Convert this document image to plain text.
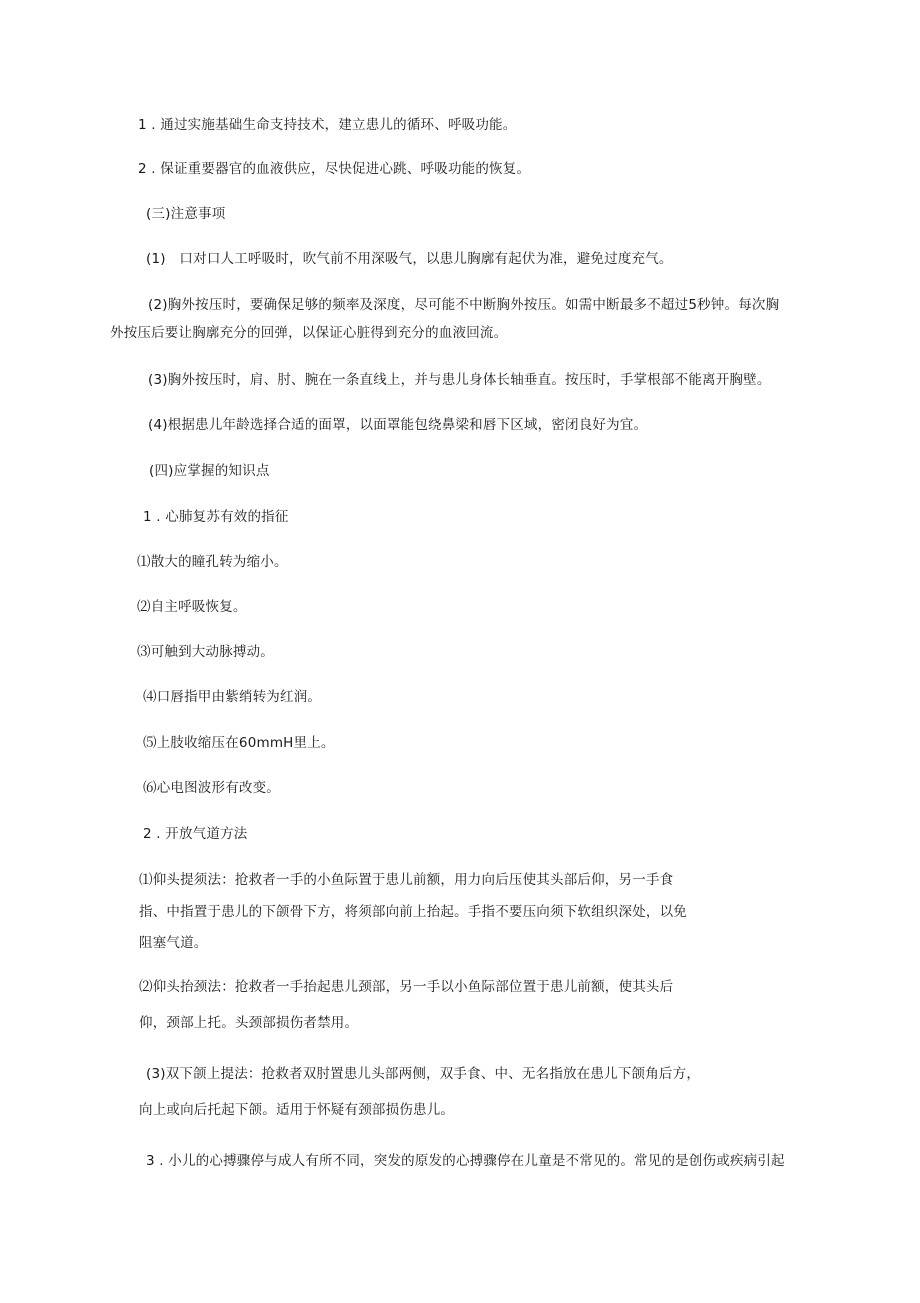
1 . 通过实施基础生命支持技术，建立患儿的循环、呼吸功能。
2 . 保证重要器官的血液供应，尽快促进心跳、呼吸功能的恢复。
(三)注意事项
(1)　口对口人工呼吸时，吹气前不用深吸气，以患儿胸廓有起伏为准，避免过度充气。
(2)胸外按压时，要确保足够的频率及深度，尽可能不中断胸外按压。如需中断最多不超过5秒钟。每次胸
外按压后要让胸廓充分的回弹，以保证心脏得到充分的血液回流。
(3)胸外按压时，肩、肘、腕在一条直线上，并与患儿身体长轴垂直。按压时，手掌根部不能离开胸壁。
(4)根据患儿年龄选择合适的面罩，以面罩能包绕鼻梁和唇下区域，密闭良好为宜。
(四)应掌握的知识点
1 . 心肺复苏有效的指征
⑴散大的瞳孔转为缩小。
⑵自主呼吸恢复。
⑶可触到大动脉搏动。
⑷口唇指甲由紫绡转为红润。
⑸上肢收缩压在60mmH里上。
⑹心电图波形有改变。
2 . 开放气道方法
⑴仰头提须法：抢救者一手的小鱼际置于患儿前额，用力向后压使其头部后仰，另一手食
指、中指置于患儿的下颌骨下方，将须部向前上抬起。手指不要压向须下软组织深处，以免
阻塞气道。
⑵仰头抬颈法：抢救者一手抬起患儿颈部，另一手以小鱼际部位置于患儿前额，使其头后
仰，颈部上托。头颈部损伤者禁用。
(3)双下颌上提法：抢救者双肘置患儿头部两侧，双手食、中、无名指放在患儿下颌角后方，
向上或向后托起下颌。适用于怀疑有颈部损伤患儿。
3 . 小儿的心搏骤停与成人有所不同，突发的原发的心搏骤停在儿童是不常见的。常见的是创伤或疾病引起
